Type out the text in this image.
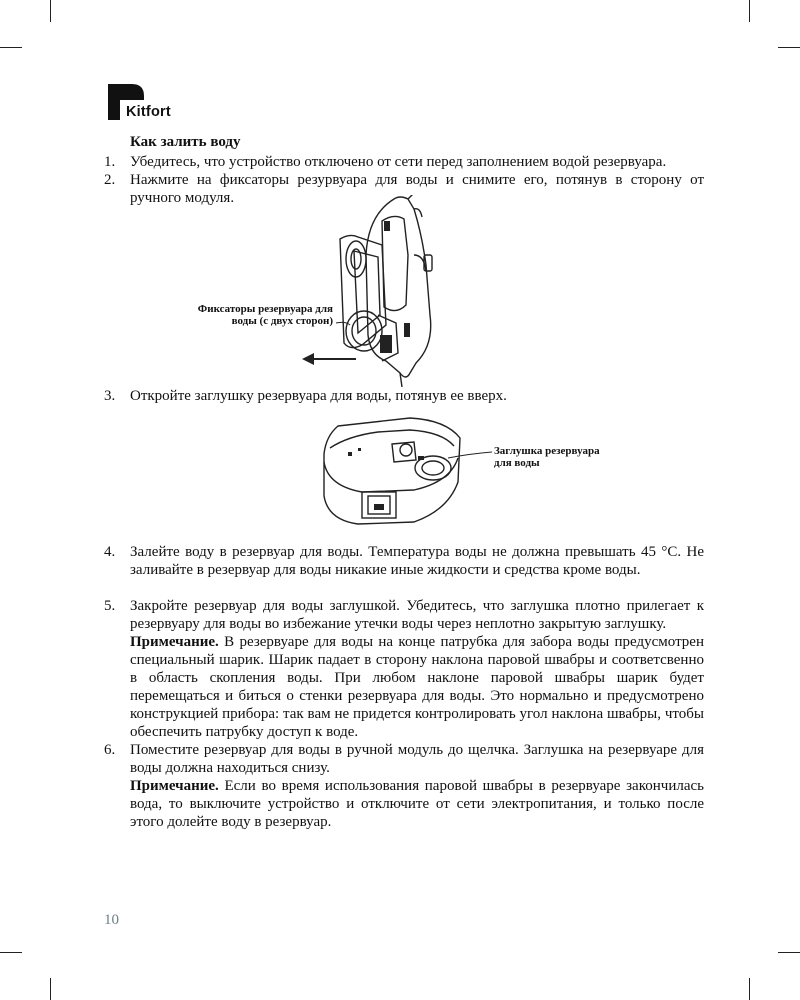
Kitfort
Как залить воду
1. Убедитесь, что устройство отключено от сети перед заполнением водой резервуара.
2. Нажмите на фиксаторы резурвуара для воды и снимите его, потянув в сторону от ручного модуля.
Фиксаторы резервуара для
воды (с двух сторон)
3. Откройте заглушку резервуара для воды, потянув ее вверх.
Заглушка резервуара
для воды
4. Залейте воду в резервуар для воды. Температура воды не должна превышать 45 °С. Не заливайте в резервуар для воды никакие иные жидкости и средства кроме воды.
5. Закройте резервуар для воды заглушкой. Убедитесь, что заглушка плотно прилегает к резервуару для воды во избежание утечки воды через неплотно закрытую заглушку.
Примечание. В резервуаре для воды на конце патрубка для забора воды предусмотрен специальный шарик. Шарик падает в сторону наклона паровой швабры и соответсвенно в область скопления воды. При любом наклоне паровой швабры шарик будет перемещаться и биться о стенки резервуара для воды. Это нормально и предусмотрено конструкцией прибора: так вам не придется контролировать угол наклона швабры, чтобы обеспечить патрубку доступ к воде.
6. Поместите резервуар для воды в ручной модуль до щелчка. Заглушка на резервуаре для воды должна находиться снизу.
Примечание. Если во время использования паровой швабры в резервуаре закончилась вода, то выключите устройство и отключите от сети электропитания, и только после этого долейте воду в резервуар.
10
